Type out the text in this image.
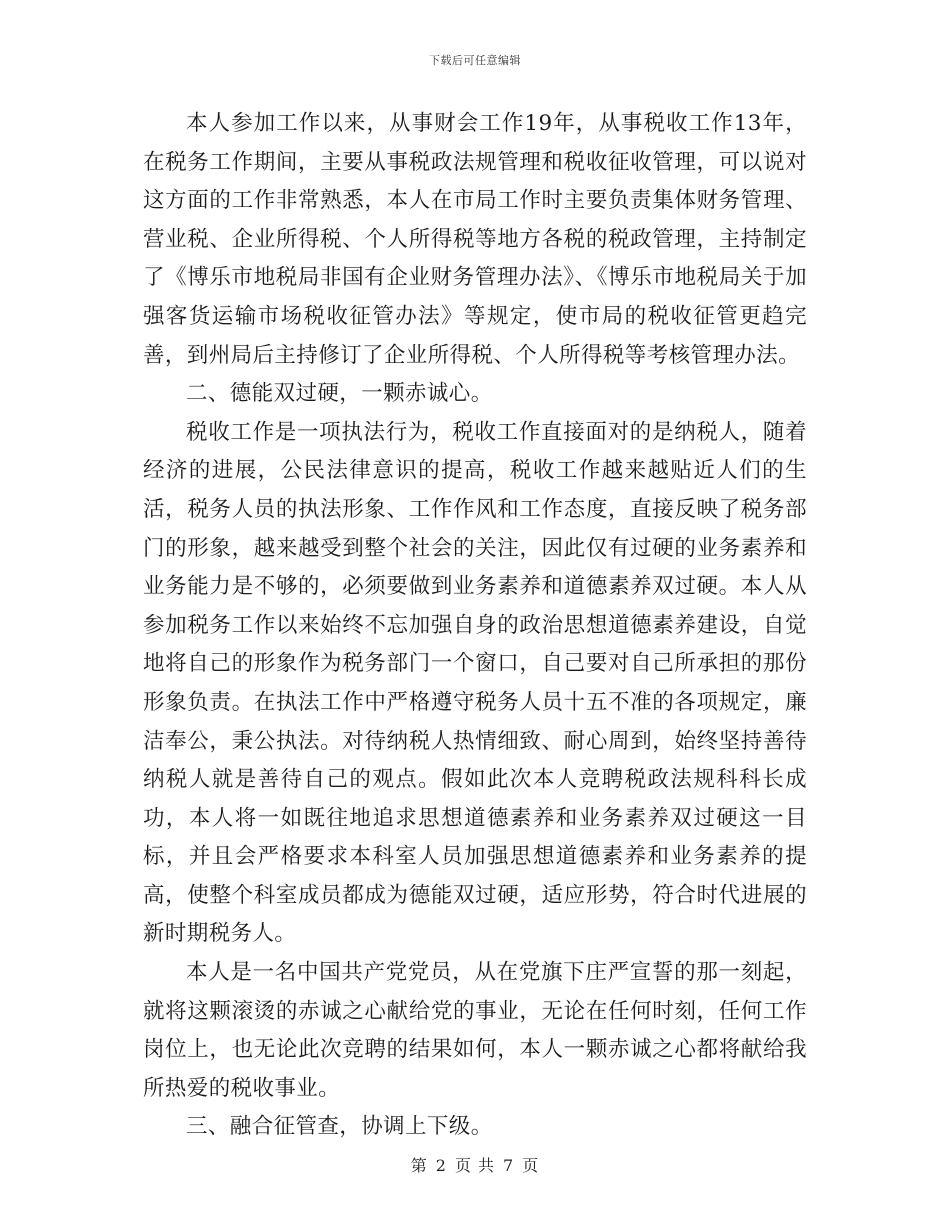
下载后可任意编辑

本人参加工作以来，从事财会工作19年，从事税收工作13年，在税务工作期间，主要从事税政法规管理和税收征收管理，可以说对这方面的工作非常熟悉，本人在市局工作时主要负责集体财务管理、营业税、企业所得税、个人所得税等地方各税的税政管理，主持制定了《博乐市地税局非国有企业财务管理办法》、《博乐市地税局关于加强客货运输市场税收征管办法》等规定，使市局的税收征管更趋完善，到州局后主持修订了企业所得税、个人所得税等考核管理办法。

二、德能双过硬，一颗赤诚心。

税收工作是一项执法行为，税收工作直接面对的是纳税人，随着经济的进展，公民法律意识的提高，税收工作越来越贴近人们的生活，税务人员的执法形象、工作作风和工作态度，直接反映了税务部门的形象，越来越受到整个社会的关注，因此仅有过硬的业务素养和业务能力是不够的，必须要做到业务素养和道德素养双过硬。本人从参加税务工作以来始终不忘加强自身的政治思想道德素养建设，自觉地将自己的形象作为税务部门一个窗口，自己要对自己所承担的那份形象负责。在执法工作中严格遵守税务人员十五不准的各项规定，廉洁奉公，秉公执法。对待纳税人热情细致、耐心周到，始终坚持善待纳税人就是善待自己的观点。假如此次本人竞聘税政法规科科长成功，本人将一如既往地追求思想道德素养和业务素养双过硬这一目标，并且会严格要求本科室人员加强思想道德素养和业务素养的提高，使整个科室成员都成为德能双过硬，适应形势，符合时代进展的新时期税务人。

本人是一名中国共产党党员，从在党旗下庄严宣誓的那一刻起，就将这颗滚烫的赤诚之心献给党的事业，无论在任何时刻，任何工作岗位上，也无论此次竞聘的结果如何，本人一颗赤诚之心都将献给我所热爱的税收事业。

三、融合征管查，协调上下级。

第 2 页 共 7 页
